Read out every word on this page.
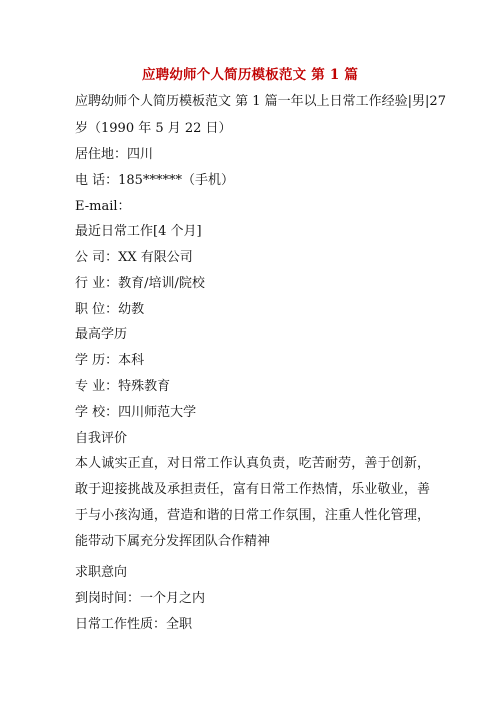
应聘幼师个人简历模板范文 第 1 篇
应聘幼师个人简历模板范文 第 1 篇一年以上日常工作经验|男|27
岁（1990 年 5 月 22 日）
居住地：四川
电 话：185******（手机）
E-mail：
最近日常工作[4 个月]
公 司：XX 有限公司
行 业：教育/培训/院校
职 位：幼教
最高学历
学 历：本科
专 业：特殊教育
学 校：四川师范大学
自我评价
本人诚实正直，对日常工作认真负责，吃苦耐劳，善于创新，敢于迎接挑战及承担责任，富有日常工作热情，乐业敬业，善于与小孩沟通，营造和谐的日常工作氛围，注重人性化管理，能带动下属充分发挥团队合作精神
求职意向
到岗时间：一个月之内
日常工作性质：全职
